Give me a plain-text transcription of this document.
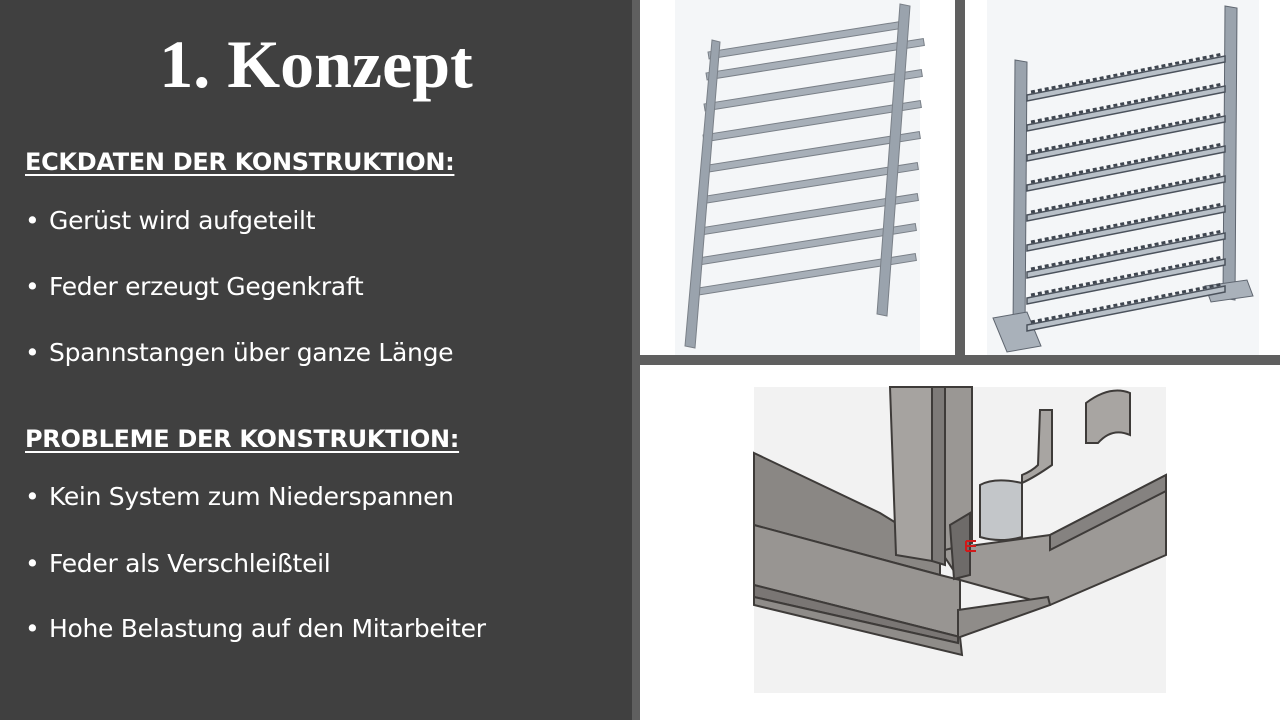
1. Konzept
ECKDATEN DER KONSTRUKTION:
• Gerüst wird aufgeteilt
• Feder erzeugt Gegenkraft
• Spannstangen über ganze Länge
PROBLEME DER KONSTRUKTION:
• Kein System zum Niederspannen
• Feder als Verschleißteil
• Hohe Belastung auf den Mitarbeiter
